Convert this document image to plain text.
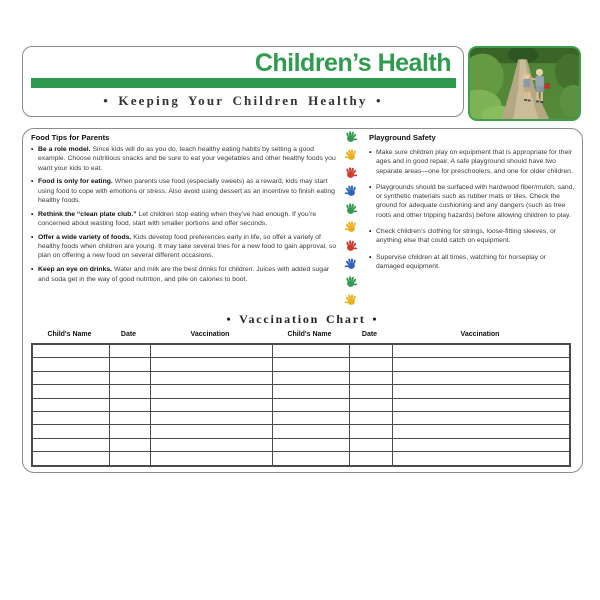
Children’s Health
• Keeping Your Children Healthy •
Food Tips for Parents
• Be a role model. Since kids will do as you do, teach healthy eating habits by setting a good example. Choose nutritious snacks and be sure to eat your vegetables and other healthy foods you want your kids to eat.
• Food is only for eating. When parents use food (especially sweets) as a reward, kids may start using food to cope with emotions or stress. Also avoid using dessert as an incentive to finish eating healthy foods.
• Rethink the “clean plate club.” Let children stop eating when they’ve had enough. If you’re concerned about wasting food, start with smaller portions and offer seconds.
• Offer a wide variety of foods. Kids develop food preferences early in life, so offer a variety of healthy foods when children are young. It may take several tries for a new food to gain approval, so plan on offering a new food on several different occasions.
• Keep an eye on drinks. Water and milk are the best drinks for children. Juices with added sugar and soda get in the way of good nutrition, and pile on calories to boot.
Playground Safety
• Make sure children play on equipment that is appropriate for their ages and in good repair. A safe playground should have two separate areas—one for preschoolers, and one for older children.
• Playgrounds should be surfaced with hardwood fiber/mulch, sand, or synthetic materials such as rubber mats or tiles. Check the ground for adequate cushioning and any dangers (such as tree roots and other tripping hazards) before allowing children to play.
• Check children’s clothing for strings, loose-fitting sleeves, or anything else that could catch on equipment.
• Supervise children at all times, watching for horseplay or damaged equipment.
• Vaccination Chart •
Child's Name	Date	Vaccination	Child's Name	Date	Vaccination
